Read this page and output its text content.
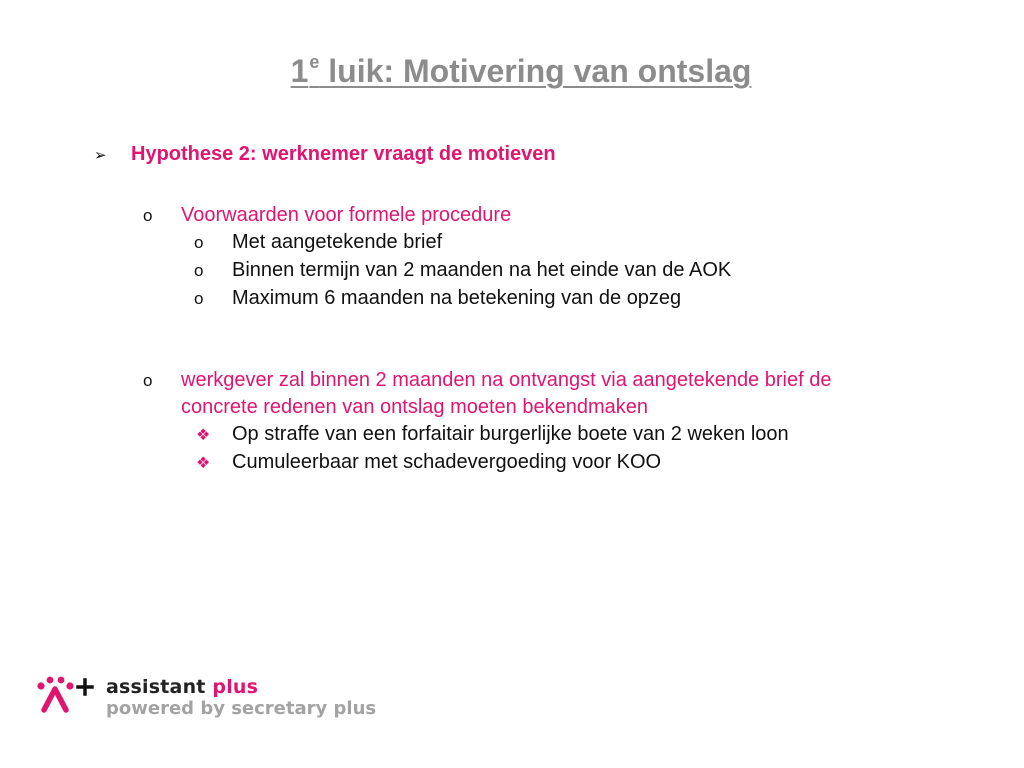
1e luik: Motivering van ontslag
➢ Hypothese 2: werknemer vraagt de motieven
o Voorwaarden voor formele procedure
o Met aangetekende brief
o Binnen termijn van 2 maanden na het einde van de AOK
o Maximum 6 maanden na betekening van de opzeg
o werkgever zal binnen 2 maanden na ontvangst via aangetekende brief de
concrete redenen van ontslag moeten bekendmaken
❖ Op straffe van een forfaitair burgerlijke boete van 2 weken loon
❖ Cumuleerbaar met schadevergoeding voor KOO
assistant plus
powered by secretary plus
